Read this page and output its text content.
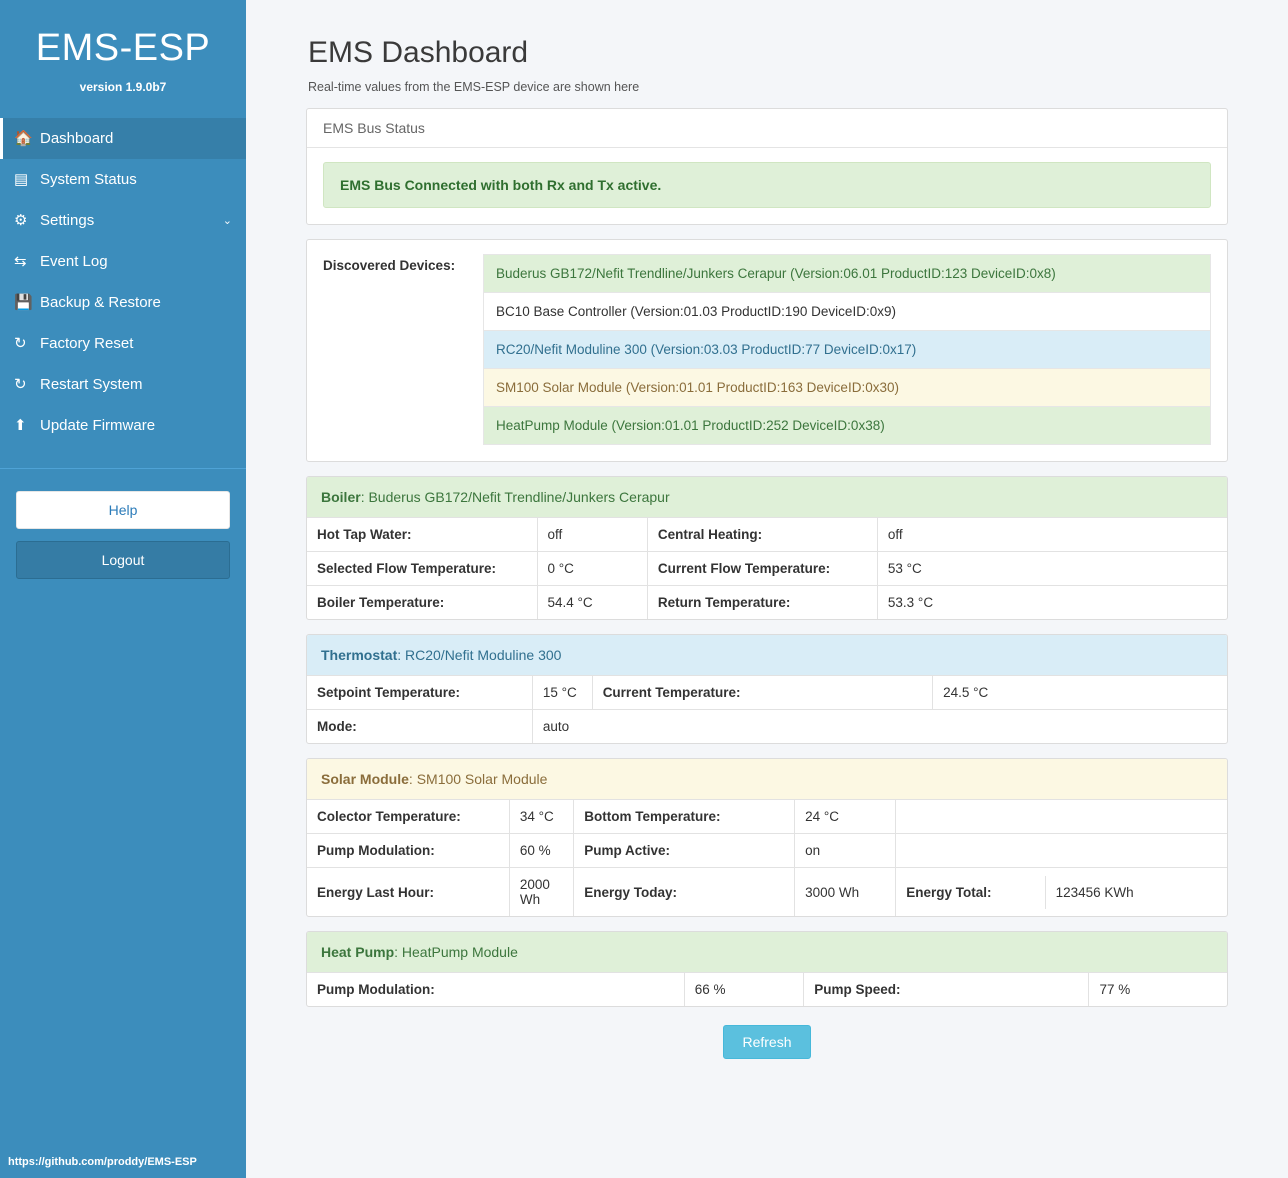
EMS-ESP
version 1.9.0b7
🏠 Dashboard
▤ System Status
⚙ Settings	⌄
⇆ Event Log
💾 Backup & Restore
↻ Factory Reset
↻ Restart System
⬆ Update Firmware
Help
Logout
https://github.com/proddy/EMS-ESP
EMS Dashboard

Real-time values from the EMS-ESP device are shown here

EMS Bus Status
EMS Bus Connected with both Rx and Tx active.
Discovered Devices:
Buderus GB172/Nefit Trendline/Junkers Cerapur (Version:06.01 ProductID:123 DeviceID:0x8)
BC10 Base Controller (Version:01.03 ProductID:190 DeviceID:0x9)
RC20/Nefit Moduline 300 (Version:03.03 ProductID:77 DeviceID:0x17)
SM100 Solar Module (Version:01.01 ProductID:163 DeviceID:0x30)
HeatPump Module (Version:01.01 ProductID:252 DeviceID:0x38)
Boiler: Buderus GB172/Nefit Trendline/Junkers Cerapur
Hot Tap Water:	off	Central Heating:	off
Selected Flow Temperature:	0 °C	Current Flow Temperature:	53 °C
Boiler Temperature:	54.4 °C	Return Temperature:	53.3 °C
Thermostat: RC20/Nefit Moduline 300
Setpoint Temperature:	15 °C	Current Temperature:	24.5 °C
Mode:	auto		
Solar Module: SM100 Solar Module
Colector Temperature:	34 °C	Bottom Temperature:	24 °C	
Pump Modulation:	60 %	Pump Active:	on	
Energy Last Hour:	2000 Wh	Energy Today:	3000 Wh		Energy Total:	123456 KWh
Heat Pump: HeatPump Module
Pump Modulation:	66 %	Pump Speed:	77 %
Refresh
